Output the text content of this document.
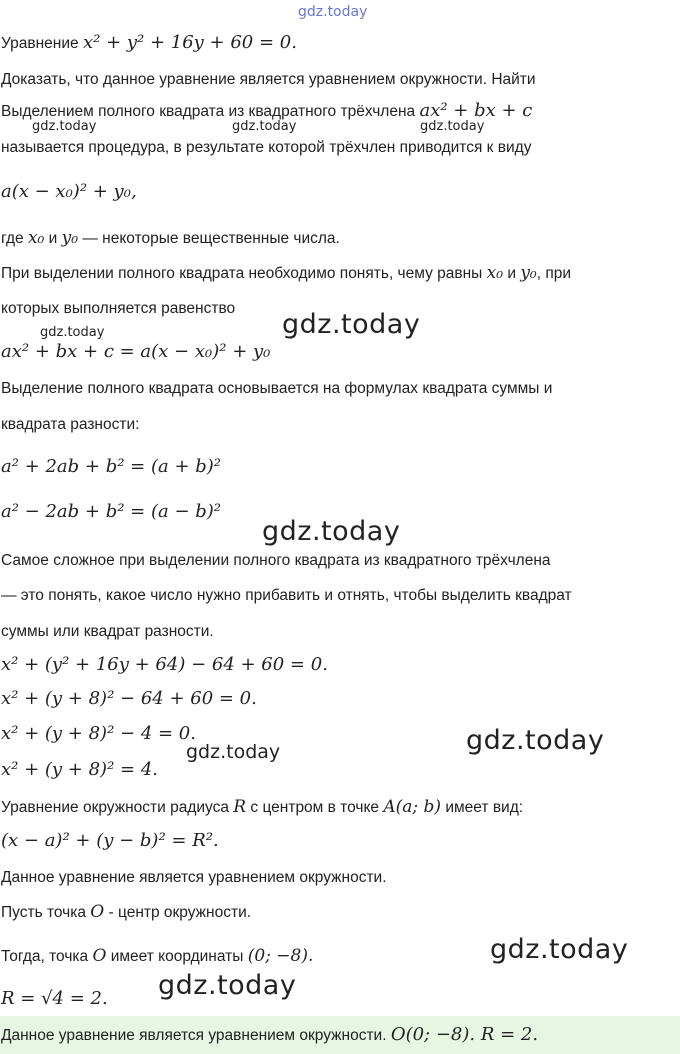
gdz.today
Уравнение x² + y² + 16y + 60 = 0.
Доказать, что данное уравнение является уравнением окружности. Найти
Выделением полного квадрата из квадратного трёхчлена ax² + bx + c
gdz.today	gdz.today	gdz.today
называется процедура, в результате которой трёхчлен приводится к виду
a(x − x₀)² + y₀,
где x₀ и y₀ — некоторые вещественные числа.
При выделении полного квадрата необходимо понять, чему равны x₀ и y₀, при
которых выполняется равенство
gdz.today	gdz.today
ax² + bx + c = a(x − x₀)² + y₀
Выделение полного квадрата основывается на формулах квадрата суммы и
квадрата разности:
a² + 2ab + b² = (a + b)²
a² − 2ab + b² = (a − b)²
gdz.today
Самое сложное при выделении полного квадрата из квадратного трёхчлена
— это понять, какое число нужно прибавить и отнять, чтобы выделить квадрат
суммы или квадрат разности.
x² + (y² + 16y + 64) − 64 + 60 = 0.
x² + (y + 8)² − 64 + 60 = 0.
x² + (y + 8)² − 4 = 0.
gdz.today	gdz.today
x² + (y + 8)² = 4.
Уравнение окружности радиуса R с центром в точке A(a; b) имеет вид:
(x − a)² + (y − b)² = R².
Данное уравнение является уравнением окружности.
Пусть точка O - центр окружности.
gdz.today
Тогда, точка O имеет координаты (0; −8).
gdz.today
R = √4 = 2.
Данное уравнение является уравнением окружности. O(0; −8). R = 2.
